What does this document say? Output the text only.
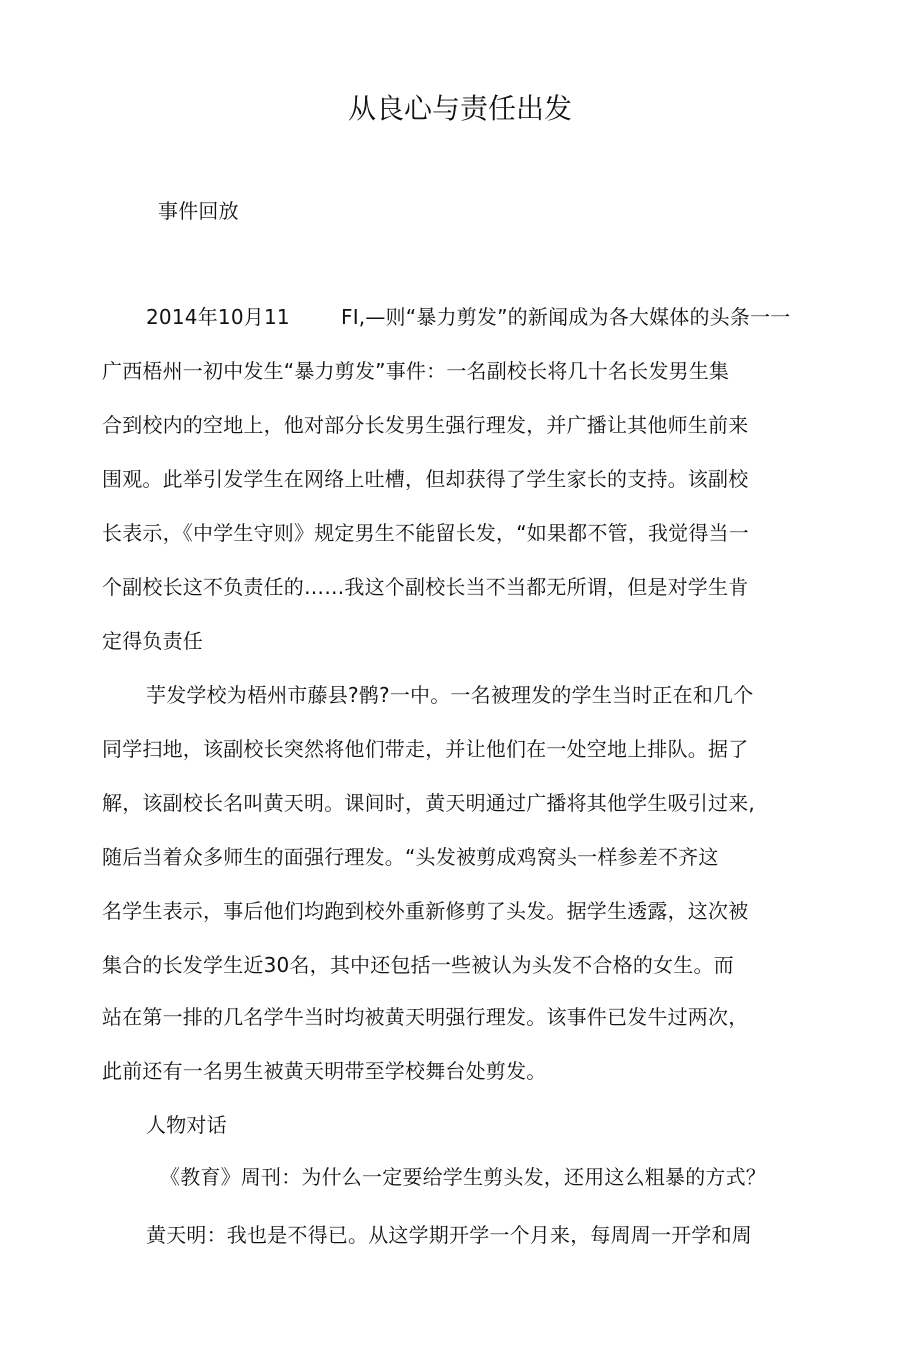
从良心与责任出发
事件回放
2014年10月11	FI,—则“暴力剪发”的新闻成为各大媒体的头条一一
广西梧州一初中发生“暴力剪发”事件：一名副校长将几十名长发男生集
合到校内的空地上，他对部分长发男生强行理发，并广播让其他师生前来
围观。此举引发学生在网络上吐槽，但却获得了学生家长的支持。该副校
长表示，《中学生守则》规定男生不能留长发，“如果都不管，我觉得当一
个副校长这不负责任的……我这个副校长当不当都无所谓，但是对学生肯
定得负责任
芋发学校为梧州市藤县?鹘?一中。一名被理发的学生当时正在和几个
同学扫地，该副校长突然将他们带走，并让他们在一处空地上排队。据了
解，该副校长名叫黄天明。课间时，黄天明通过广播将其他学生吸引过来,
随后当着众多师生的面强行理发。“头发被剪成鸡窝头一样参差不齐这
名学生表示，事后他们均跑到校外重新修剪了头发。据学生透露，这次被
集合的长发学生近30名，其中还包括一些被认为头发不合格的女生。而
站在第一排的几名学牛当时均被黄天明强行理发。该事件已发牛过两次，
此前还有一名男生被黄天明带至学校舞台处剪发。
人物对话
《教育》周刊：为什么一定要给学生剪头发，还用这么粗暴的方式？
黄天明：我也是不得已。从这学期开学一个月来，每周周一开学和周
